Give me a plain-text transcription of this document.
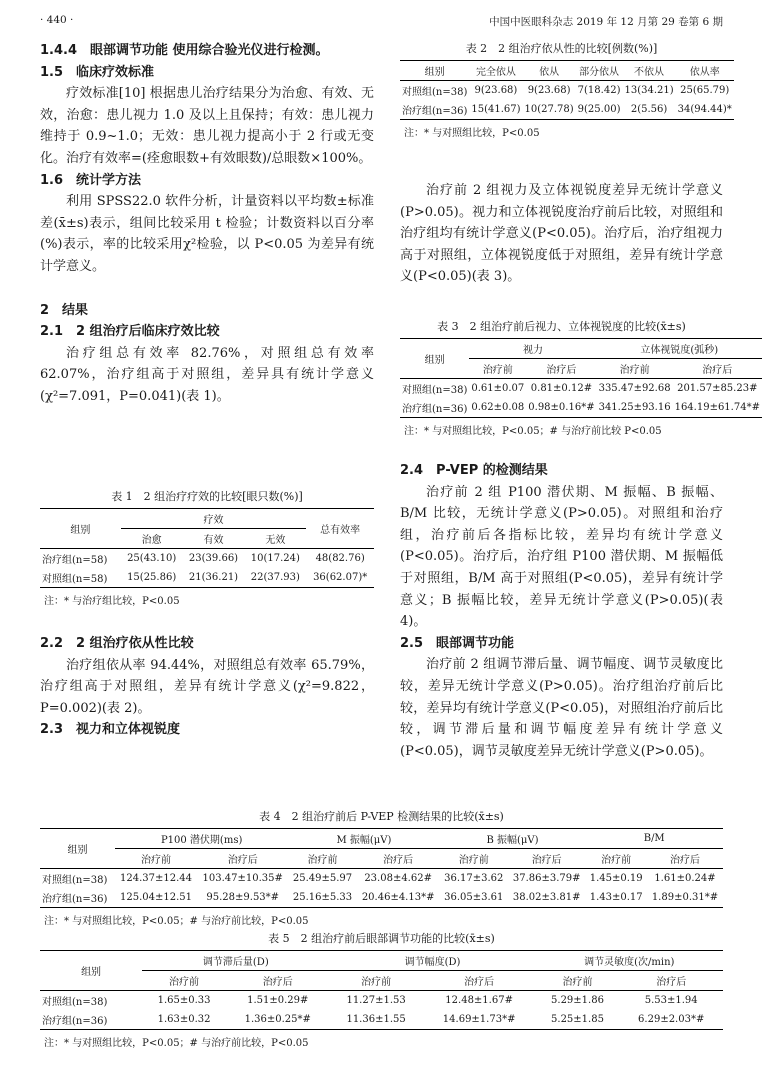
· 440 ·	中国中医眼科杂志 2019 年 12 月第 29 卷第 6 期

1.4.4　眼部调节功能 使用综合验光仪进行检测。

1.5　临床疗效标准

疗效标准[10] 根据患儿治疗结果分为治愈、有效、无效，治愈：患儿视力 1.0 及以上且保持；有效：患儿视力维持于 0.9~1.0；无效：患儿视力提高小于 2 行或无变化。治疗有效率=(痊愈眼数+有效眼数)/总眼数×100%。

1.6　统计学方法

利用 SPSS22.0 软件分析，计量资料以平均数±标准差(x̄±s)表示，组间比较采用 t 检验；计数资料以百分率(%)表示，率的比较采用χ²检验，以 P<0.05 为差异有统计学意义。

2　结果

2.1　2 组治疗后临床疗效比较

治疗组总有效率 82.76%，对照组总有效率 62.07%，治疗组高于对照组，差异具有统计学意义(χ²=7.091，P=0.041)(表 1)。

表 1　2 组治疗疗效的比较[眼只数(%)]

组别	疗效			总有效率
	治愈	有效	无效	
治疗组(n=58)	25(43.10)	23(39.66)	10(17.24)	48(82.76)
对照组(n=58)	15(25.86)	21(36.21)	22(37.93)	36(62.07)*

注：* 与治疗组比较，P<0.05

2.2　2 组治疗依从性比较

治疗组依从率 94.44%，对照组总有效率 65.79%，治疗组高于对照组，差异有统计学意义(χ²=9.822，P=0.002)(表 2)。

2.3　视力和立体视锐度

表 2　2 组治疗依从性的比较[例数(%)]

组别	完全依从	依从	部分依从	不依从	依从率
对照组(n=38)	9(23.68)	9(23.68)	7(18.42)	13(34.21)	25(65.79)
治疗组(n=36)	15(41.67)	10(27.78)	9(25.00)	2(5.56)	34(94.44)*

注：* 与对照组比较，P<0.05

治疗前 2 组视力及立体视锐度差异无统计学意义(P>0.05)。视力和立体视锐度治疗前后比较，对照组和治疗组均有统计学意义(P<0.05)。治疗后，治疗组视力高于对照组，立体视锐度低于对照组，差异有统计学意义(P<0.05)(表 3)。

表 3　2 组治疗前后视力、立体视锐度的比较(x̄±s)

组别	视力		立体视锐度(弧秒)	
	治疗前	治疗后	治疗前	治疗后
对照组(n=38)	0.61±0.07	0.81±0.12#	335.47±92.68	201.57±85.23#
治疗组(n=36)	0.62±0.08	0.98±0.16*#	341.25±93.16	164.19±61.74*#

注：* 与对照组比较，P<0.05；# 与治疗前比较 P<0.05

2.4　P-VEP 的检测结果

治疗前 2 组 P100 潜伏期、M 振幅、B 振幅、B/M 比较，无统计学意义(P>0.05)。对照组和治疗组，治疗前后各指标比较，差异均有统计学意义(P<0.05)。治疗后，治疗组 P100 潜伏期、M 振幅低于对照组，B/M 高于对照组(P<0.05)，差异有统计学意义；B 振幅比较，差异无统计学意义(P>0.05)(表 4)。

2.5　眼部调节功能

治疗前 2 组调节滞后量、调节幅度、调节灵敏度比较，差异无统计学意义(P>0.05)。治疗组治疗前后比较，差异均有统计学意义(P<0.05)，对照组治疗前后比较，调节滞后量和调节幅度差异有统计学意义(P<0.05)，调节灵敏度差异无统计学意义(P>0.05)。

表 4　2 组治疗前后 P-VEP 检测结果的比较(x̄±s)

组别	P100 潜伏期(ms)		M 振幅(μV)		B 振幅(μV)		B/M	
	治疗前	治疗后	治疗前	治疗后	治疗前	治疗后	治疗前	治疗后
对照组(n=38)	124.37±12.44	103.47±10.35#	25.49±5.97	23.08±4.62#	36.17±3.62	37.86±3.79#	1.45±0.19	1.61±0.24#
治疗组(n=36)	125.04±12.51	95.28±9.53*#	25.16±5.33	20.46±4.13*#	36.05±3.61	38.02±3.81#	1.43±0.17	1.89±0.31*#

注：* 与对照组比较，P<0.05；# 与治疗前比较，P<0.05

表 5　2 组治疗前后眼部调节功能的比较(x̄±s)

组别	调节滞后量(D)		调节幅度(D)		调节灵敏度(次/min)	
	治疗前	治疗后	治疗前	治疗后	治疗前	治疗后
对照组(n=38)	1.65±0.33	1.51±0.29#	11.27±1.53	12.48±1.67#	5.29±1.86	5.53±1.94
治疗组(n=36)	1.63±0.32	1.36±0.25*#	11.36±1.55	14.69±1.73*#	5.25±1.85	6.29±2.03*#

注：* 与对照组比较，P<0.05；# 与治疗前比较，P<0.05
